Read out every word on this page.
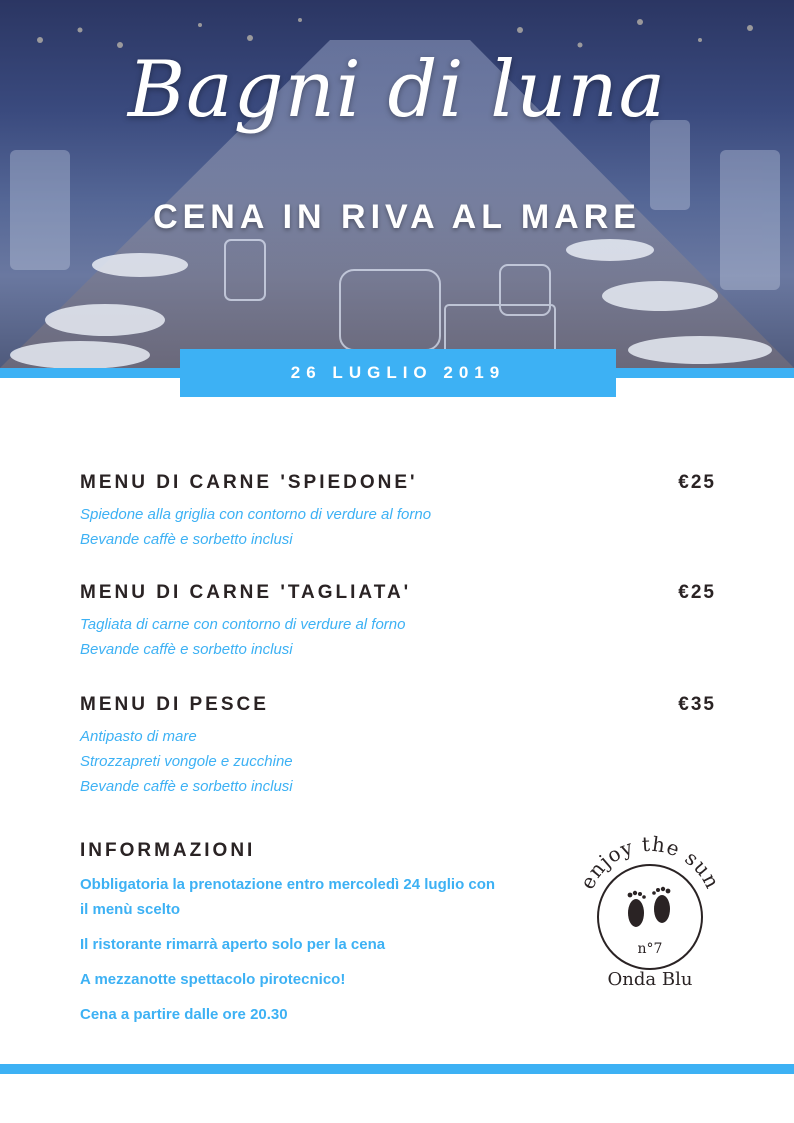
Bagni di luna
CENA IN RIVA AL MARE
26 LUGLIO 2019
MENU DI CARNE 'SPIEDONE'	€25
Spiedone alla griglia con contorno di verdure al forno
Bevande caffè e sorbetto inclusi
MENU DI CARNE 'TAGLIATA'	€25
Tagliata di carne con contorno di verdure al forno
Bevande caffè e sorbetto inclusi
MENU DI PESCE	€35
Antipasto di mare
Strozzapreti vongole e zucchine
Bevande caffè e sorbetto inclusi
INFORMAZIONI
Obbligatoria la prenotazione entro mercoledì 24 luglio con il menù scelto
Il ristorante rimarrà aperto solo per la cena
A mezzanotte spettacolo pirotecnico!
Cena a partire dalle ore 20.30
enjoy the sun
n°7
Onda Blu
